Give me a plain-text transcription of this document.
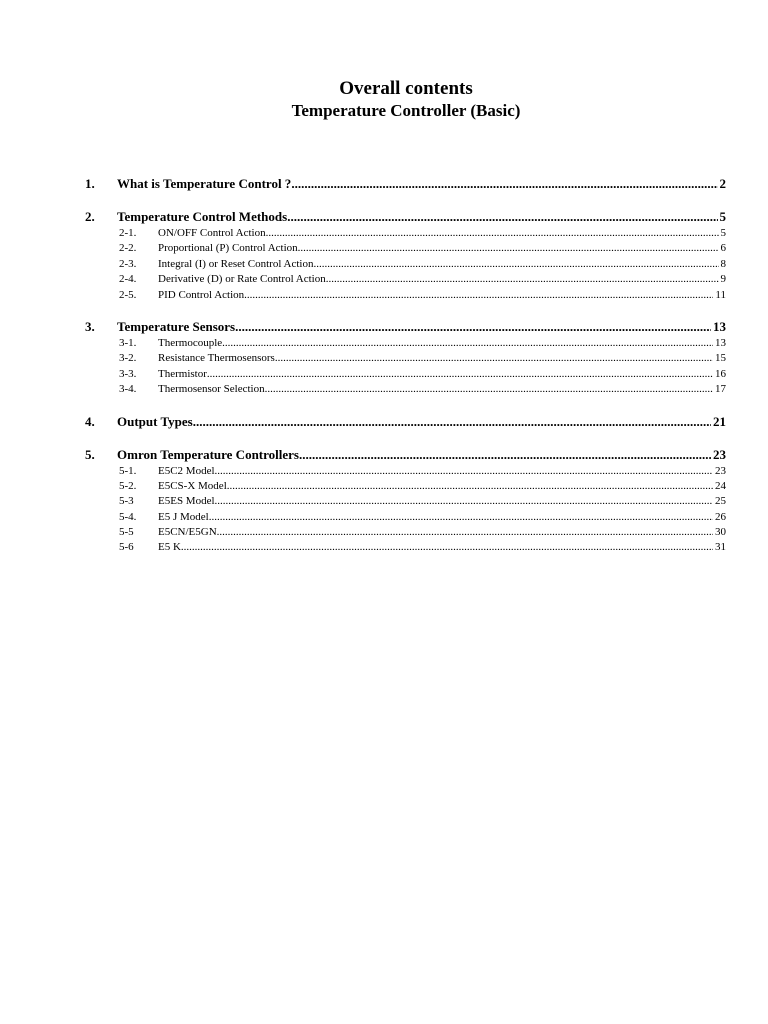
Overall contents
Temperature Controller (Basic)
1.	What is Temperature Control ? .....	2
2.	Temperature Control Methods .....	5
2-1.	ON/OFF Control Action .....	5
2-2.	Proportional (P) Control Action .....	6
2-3.	Integral (I) or Reset Control Action .....	8
2-4.	Derivative (D) or Rate Control Action .....	9
2-5.	PID Control Action .....	11
3.	Temperature Sensors .....	13
3-1.	Thermocouple .....	13
3-2.	Resistance Thermosensors .....	15
3-3.	Thermistor .....	16
3-4.	Thermosensor Selection .....	17
4.	Output Types .....	21
5.	Omron Temperature Controllers .....	23
5-1.	E5C2 Model .....	23
5-2.	E5CS-X Model .....	24
5-3	E5ES Model .....	25
5-4.	E5 J Model .....	26
5-5	E5CN/E5GN .....	30
5-6	E5 K .....	31
